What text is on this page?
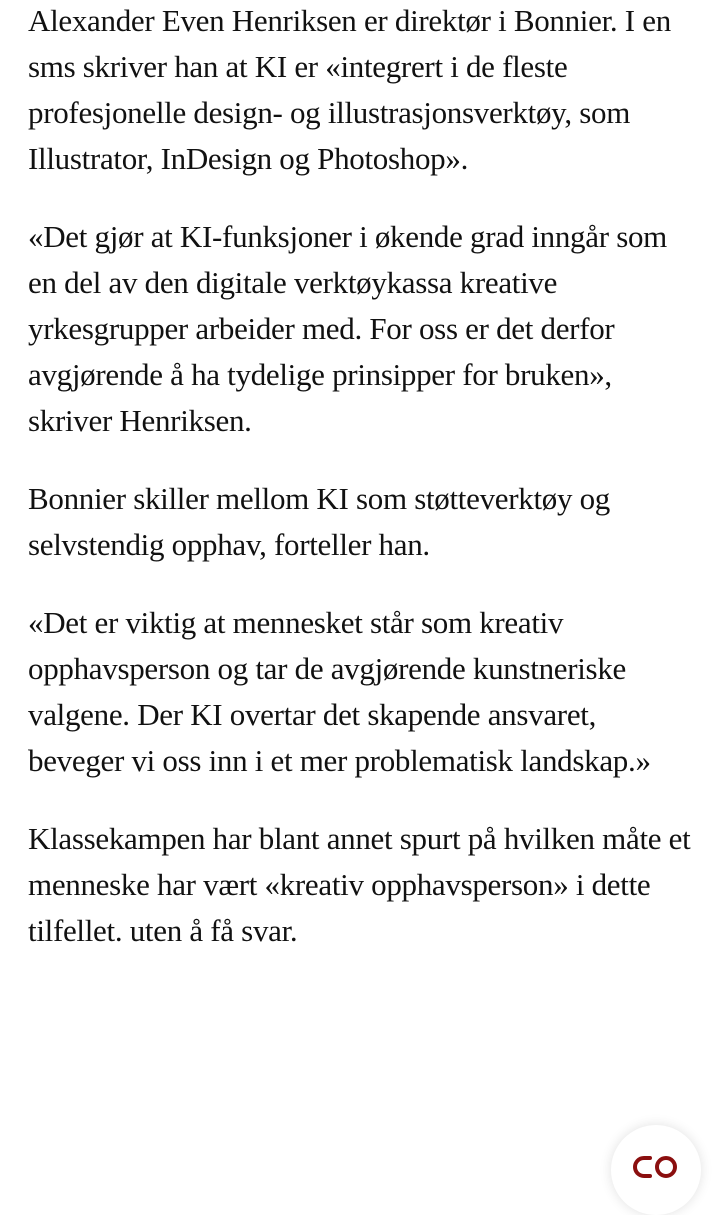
Alexander Even Henriksen er direktør i Bonnier. I en sms skriver han at KI er «integrert i de fleste profesjonelle design- og illustrasjonsverktøy, som Illustrator, InDesign og Photoshop».

«Det gjør at KI-funksjoner i økende grad inngår som en del av den digitale verktøykassa kreative yrkesgrupper arbeider med. For oss er det derfor avgjørende å ha tydelige prinsipper for bruken», skriver Henriksen.

Bonnier skiller mellom KI som støtteverktøy og selvstendig opphav, forteller han.

«Det er viktig at mennesket står som kreativ opphavsperson og tar de avgjørende kunstneriske valgene. Der KI overtar det skapende ansvaret, beveger vi oss inn i et mer problematisk landskap.»

Klassekampen har blant annet spurt på hvilken måte et menneske har vært «kreativ opphavsperson» i dette tilfellet. uten å få svar.
